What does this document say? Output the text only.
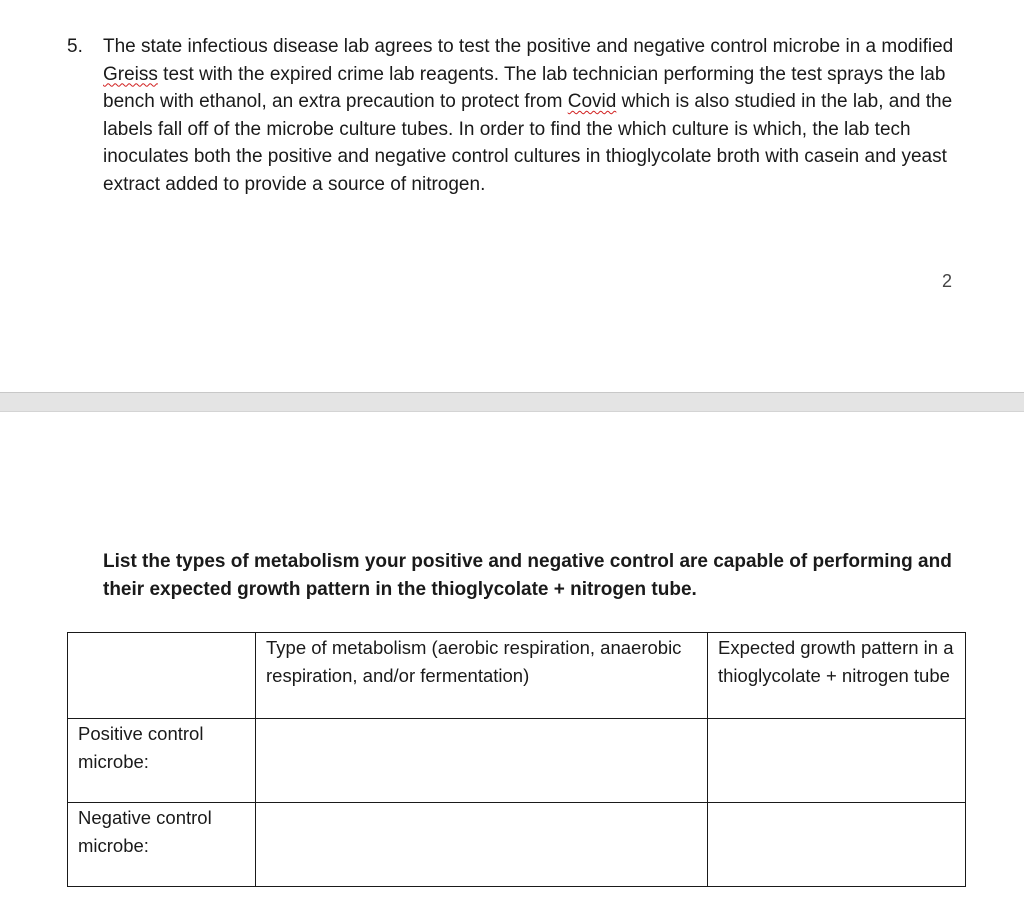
5. The state infectious disease lab agrees to test the positive and negative control microbe in a modified Greiss test with the expired crime lab reagents. The lab technician performing the test sprays the lab bench with ethanol, an extra precaution to protect from Covid which is also studied in the lab, and the labels fall off of the microbe culture tubes. In order to find the which culture is which, the lab tech inoculates both the positive and negative control cultures in thioglycolate broth with casein and yeast extract added to provide a source of nitrogen.

2

List the types of metabolism your positive and negative control are capable of performing and their expected growth pattern in the thioglycolate + nitrogen tube.

	Type of metabolism (aerobic respiration, anaerobic respiration, and/or fermentation)	Expected growth pattern in a thioglycolate + nitrogen tube
Positive control microbe:		
Negative control microbe:		
